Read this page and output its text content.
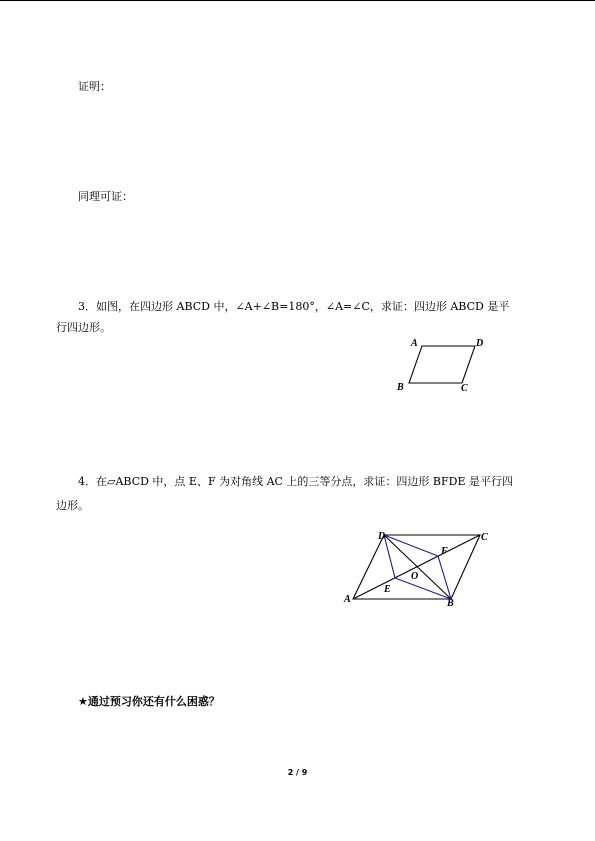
证明：
同理可证：
3．如图，在四边形 ABCD 中，∠A+∠B=180°，∠A=∠C，求证：四边形 ABCD 是平
行四边形。
A	D
B	C
4．在▱ABCD 中，点 E、F 为对角线 AC 上的三等分点，求证：四边形 BFDE 是平行四
边形。
A	B
C
D
E
F
O
★通过预习你还有什么困惑？
2 / 9
